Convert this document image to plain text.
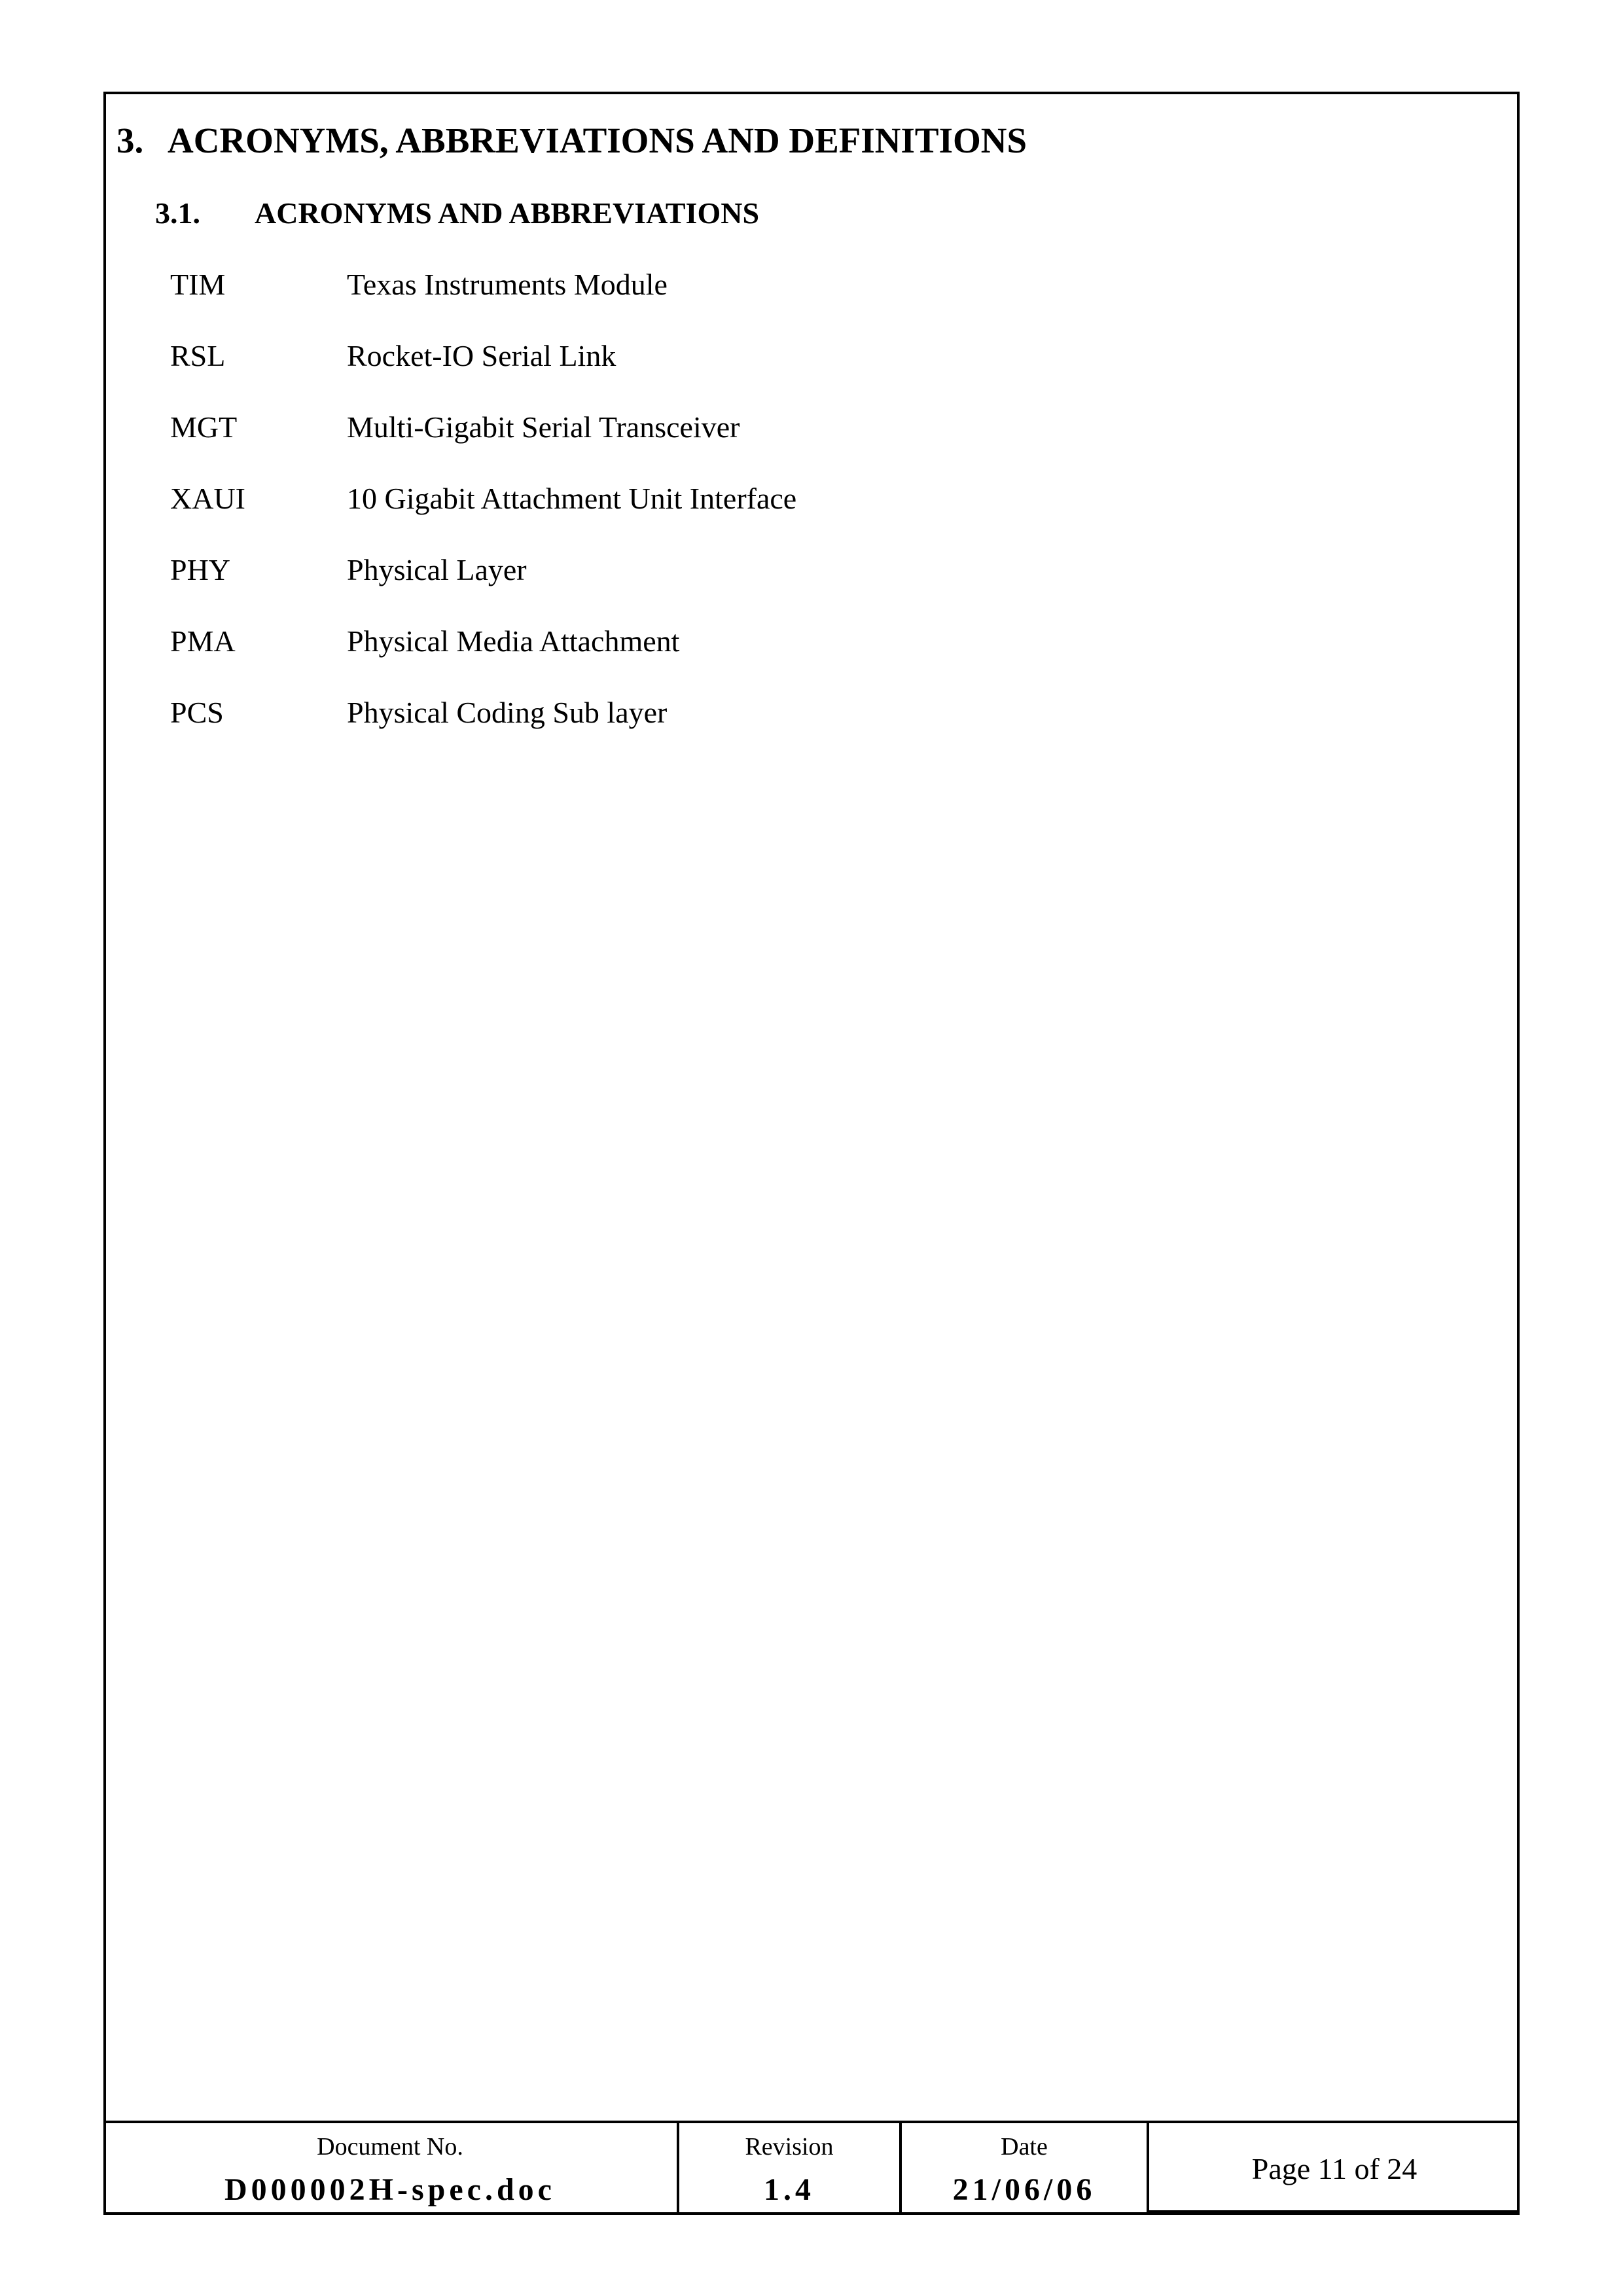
3. ACRONYMS, ABBREVIATIONS AND DEFINITIONS
3.1. ACRONYMS AND ABBREVIATIONS
TIM	Texas Instruments Module
RSL	Rocket-IO Serial Link
MGT	Multi-Gigabit Serial Transceiver
XAUI	10 Gigabit Attachment Unit Interface
PHY	Physical Layer
PMA	Physical Media Attachment
PCS	Physical Coding Sub layer
Document No.
D000002H-spec.doc
Revision
1.4
Date
21/06/06
Page 11 of 24
